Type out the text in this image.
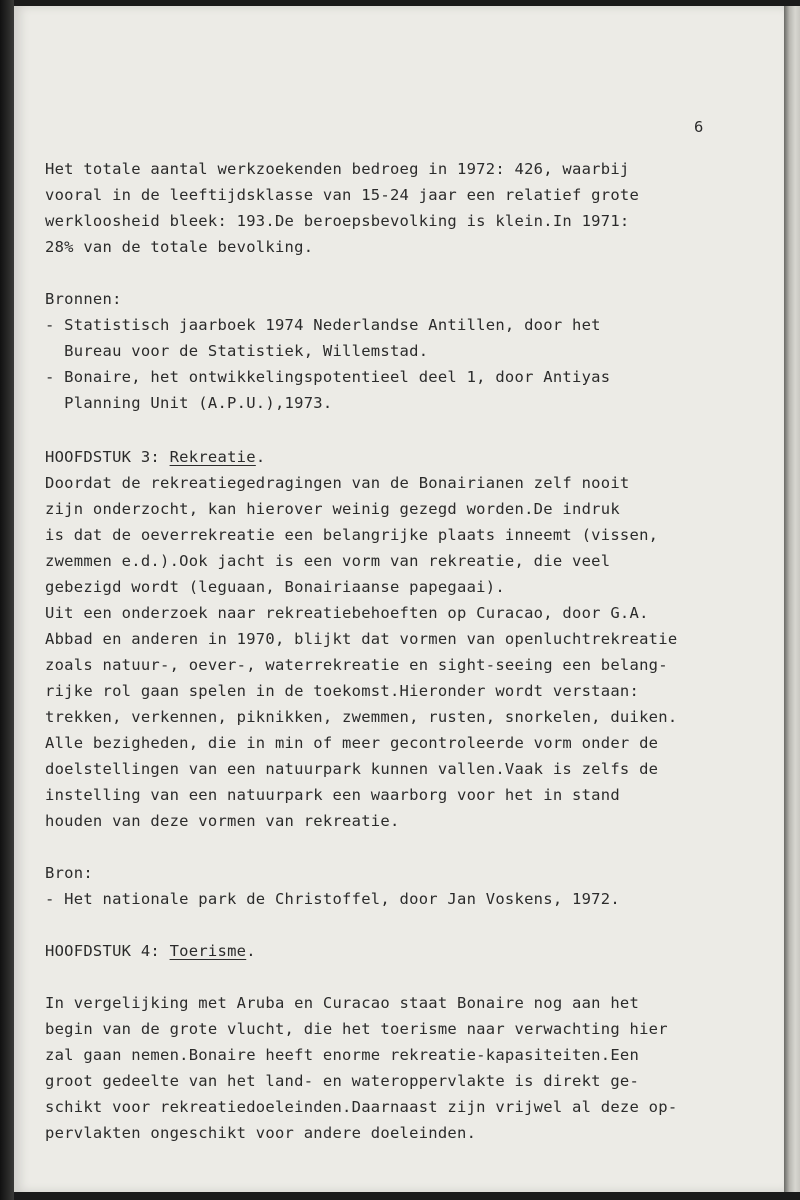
6
Het totale aantal werkzoekenden bedroeg in 1972: 426, waarbij
vooral in de leeftijdsklasse van 15-24 jaar een relatief grote
werkloosheid bleek: 193.De beroepsbevolking is klein.In 1971:
28% van de totale bevolking.
Bronnen:
- Statistisch jaarboek 1974 Nederlandse Antillen, door het
Bureau voor de Statistiek, Willemstad.
- Bonaire, het ontwikkelingspotentieel deel 1, door Antiyas
Planning Unit (A.P.U.),1973.
HOOFDSTUK 3: Rekreatie.
Doordat de rekreatiegedragingen van de Bonairianen zelf nooit
zijn onderzocht, kan hierover weinig gezegd worden.De indruk
is dat de oeverrekreatie een belangrijke plaats inneemt (vissen,
zwemmen e.d.).Ook jacht is een vorm van rekreatie, die veel
gebezigd wordt (leguaan, Bonairiaanse papegaai).
Uit een onderzoek naar rekreatiebehoeften op Curacao, door G.A.
Abbad en anderen in 1970, blijkt dat vormen van openluchtrekreatie
zoals natuur-, oever-, waterrekreatie en sight-seeing een belang-
rijke rol gaan spelen in de toekomst.Hieronder wordt verstaan:
trekken, verkennen, piknikken, zwemmen, rusten, snorkelen, duiken.
Alle bezigheden, die in min of meer gecontroleerde vorm onder de
doelstellingen van een natuurpark kunnen vallen.Vaak is zelfs de
instelling van een natuurpark een waarborg voor het in stand
houden van deze vormen van rekreatie.
Bron:
- Het nationale park de Christoffel, door Jan Voskens, 1972.
HOOFDSTUK 4: Toerisme.
In vergelijking met Aruba en Curacao staat Bonaire nog aan het
begin van de grote vlucht, die het toerisme naar verwachting hier
zal gaan nemen.Bonaire heeft enorme rekreatie-kapasiteiten.Een
groot gedeelte van het land- en wateroppervlakte is direkt ge-
schikt voor rekreatiedoeleinden.Daarnaast zijn vrijwel al deze op-
pervlakten ongeschikt voor andere doeleinden.
